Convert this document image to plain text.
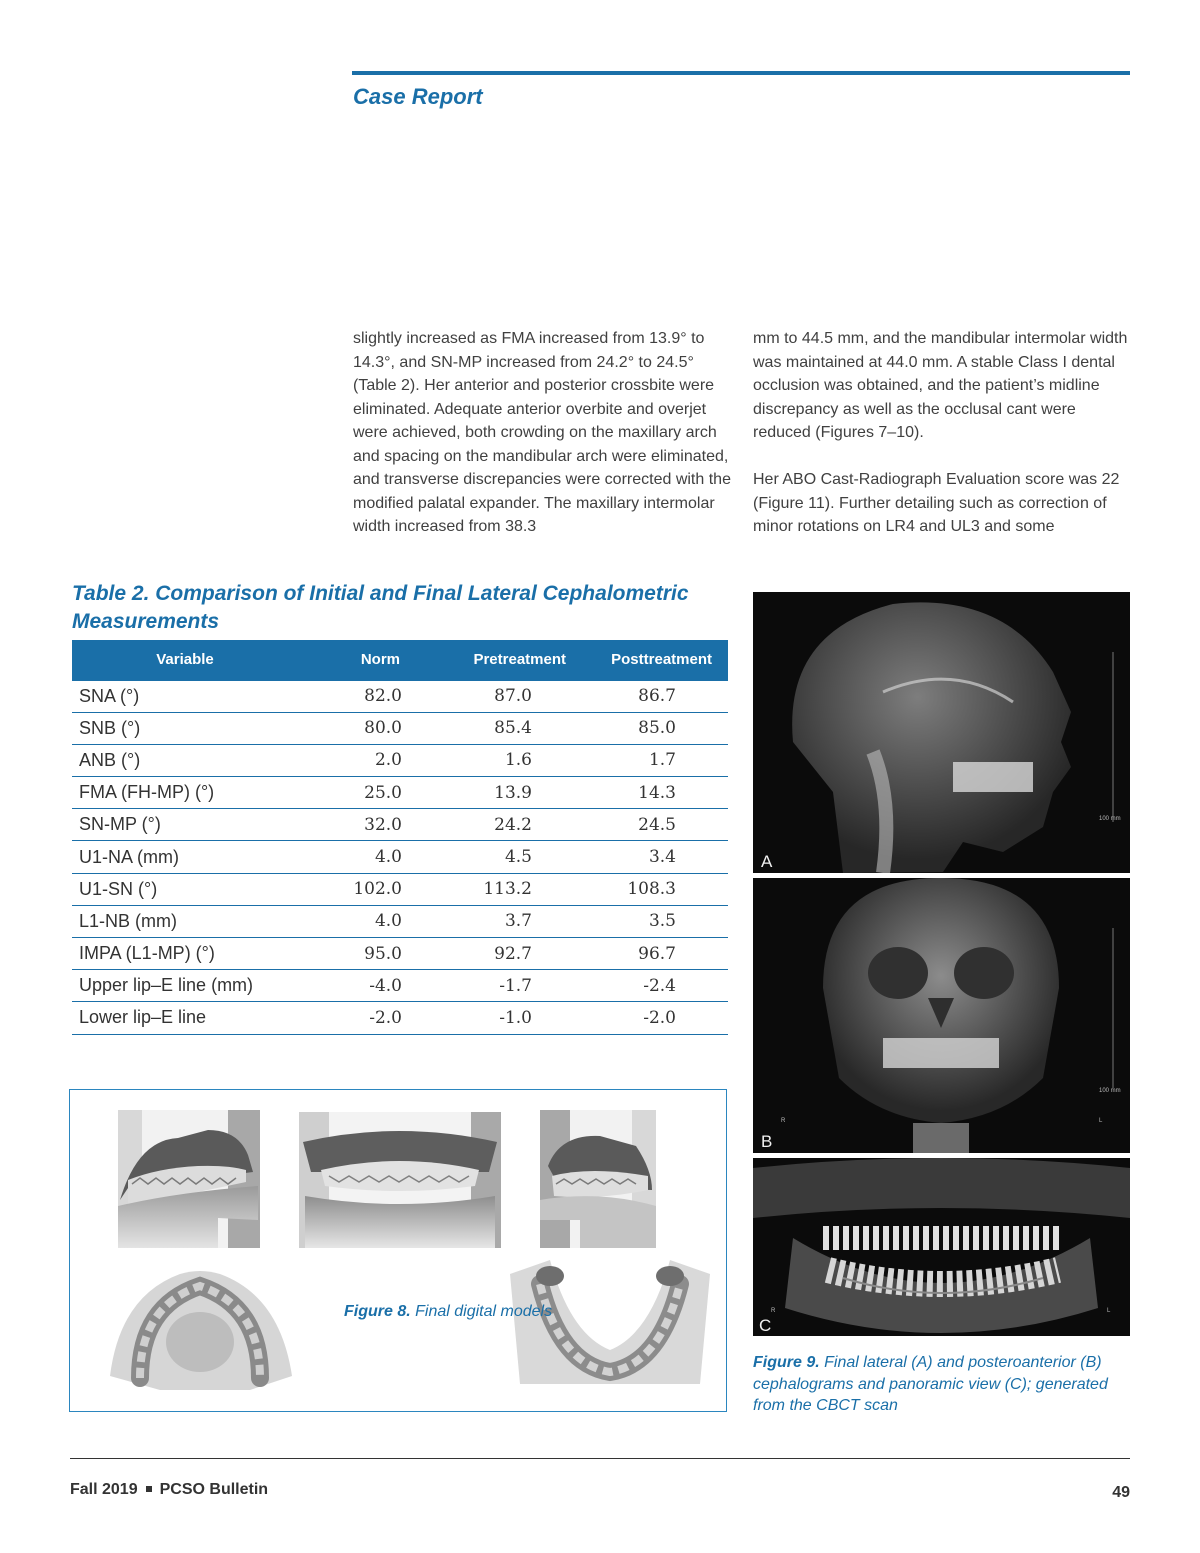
Case Report

slightly increased as FMA increased from 13.9° to 14.3°, and SN-MP increased from 24.2° to 24.5° (Table 2). Her anterior and posterior crossbite were eliminated. Adequate anterior overbite and overjet were achieved, both crowding on the maxillary arch and spacing on the mandibular arch were eliminated, and transverse discrepancies were corrected with the modified palatal expander. The maxillary intermolar width increased from 38.3

mm to 44.5 mm, and the mandibular intermolar width was maintained at 44.0 mm. A stable Class I dental occlusion was obtained, and the patient’s midline discrepancy as well as the occlusal cant were reduced (Figures 7–10).

Her ABO Cast-Radiograph Evaluation score was 22 (Figure 11). Further detailing such as correction of minor rotations on LR4 and UL3 and some

Table 2. Comparison of Initial and Final Lateral Cephalometric Measurements
Variable	Norm	Pretreatment	Posttreatment
SNA (°)	82.0	87.0	86.7
SNB (°)	80.0	85.4	85.0
ANB (°)	2.0	1.6	1.7
FMA (FH-MP) (°)	25.0	13.9	14.3
SN-MP (°)	32.0	24.2	24.5
U1-NA (mm)	4.0	4.5	3.4
U1-SN (°)	102.0	113.2	108.3
L1-NB (mm)	4.0	3.7	3.5
IMPA (L1-MP) (°)	95.0	92.7	96.7
Upper lip–E line (mm)	-4.0	-1.7	-2.4
Lower lip–E line	-2.0	-1.0	-2.0
Figure 8. Final digital models
100 mm
A
100 mm
R	L
B
R	L
C
Figure 9. Final lateral (A) and posteroanterior (B) cephalograms and panoramic view (C); generated from the CBCT scan
Fall 2019 PCSO Bulletin	49
